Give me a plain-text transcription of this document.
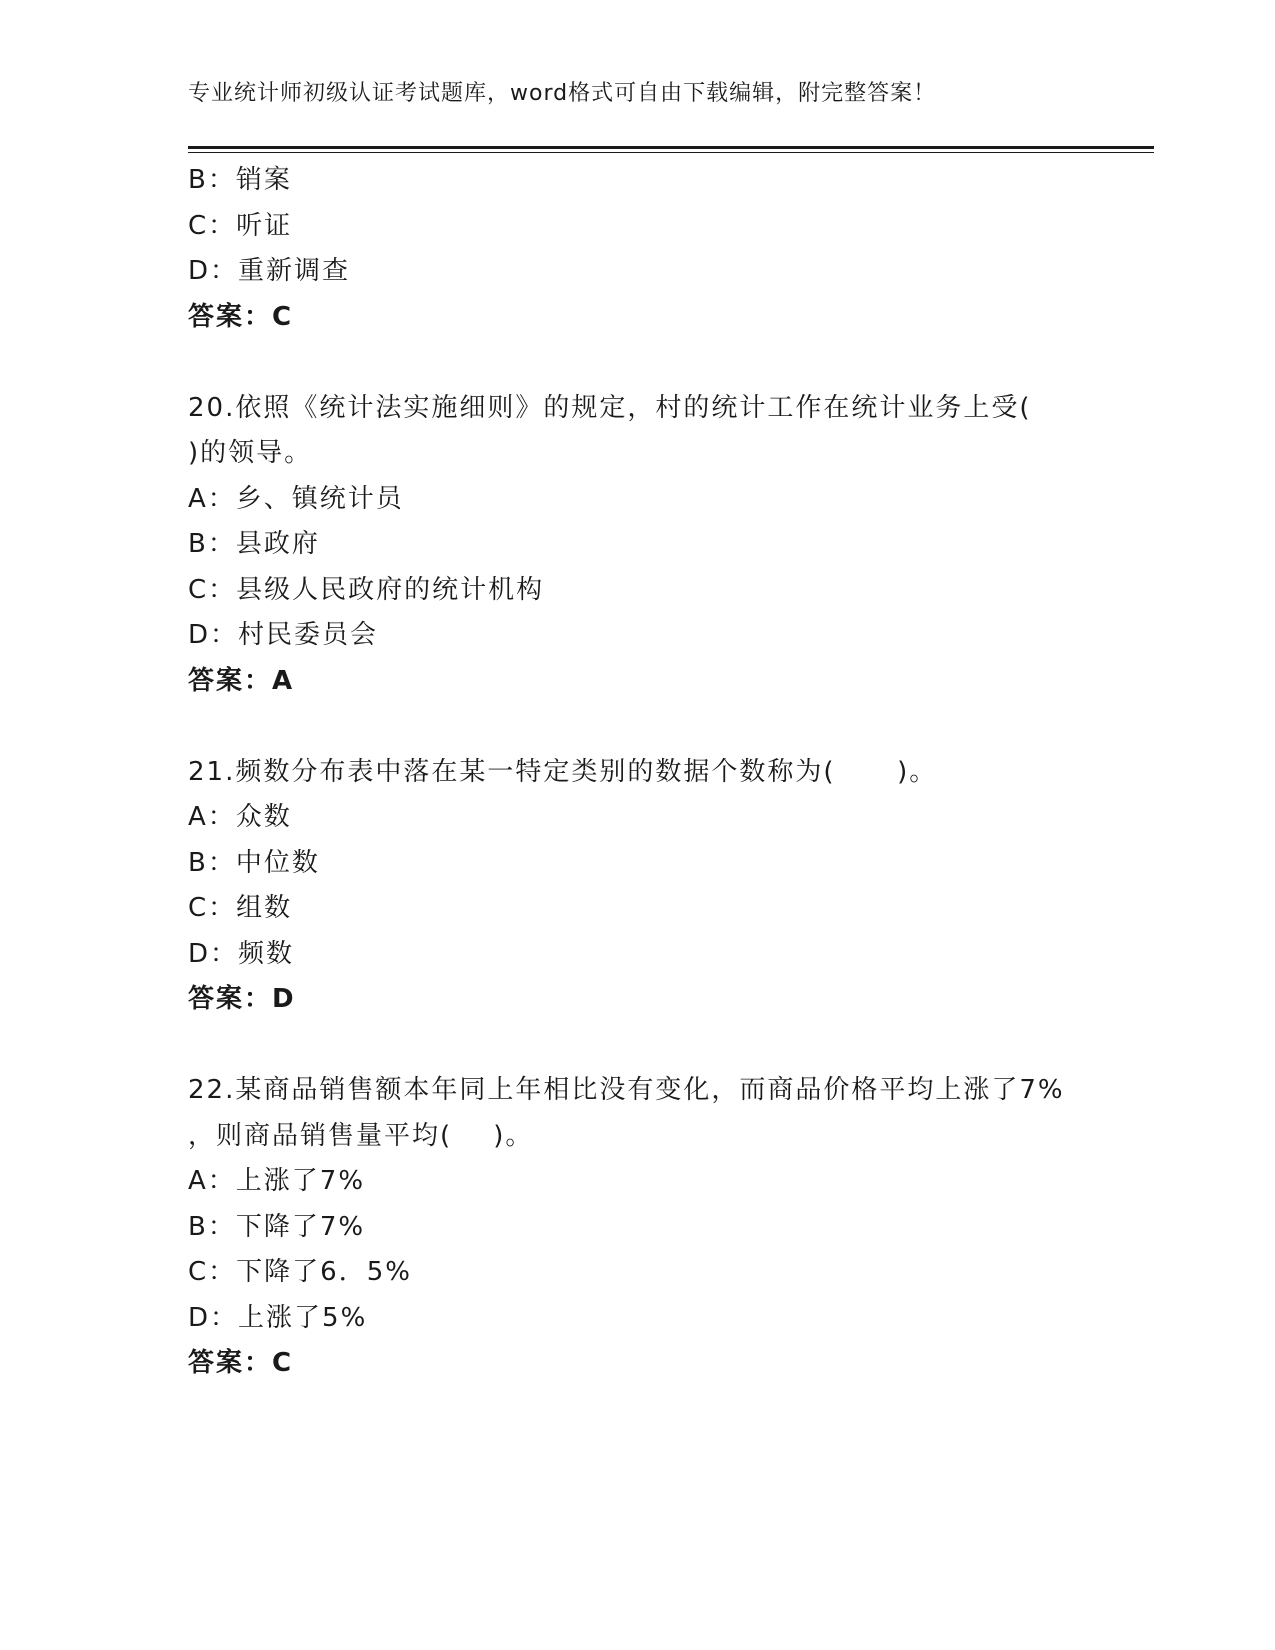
专业统计师初级认证考试题库，word格式可自由下载编辑，附完整答案！
B：销案
C：听证
D：重新调查
答案：C
20.依照《统计法实施细则》的规定，村的统计工作在统计业务上受(
)的领导。
A：乡、镇统计员
B：县政府
C：县级人民政府的统计机构
D：村民委员会
答案：A
21.频数分布表中落在某一特定类别的数据个数称为(      )。
A：众数
B：中位数
C：组数
D：频数
答案：D
22.某商品销售额本年同上年相比没有变化，而商品价格平均上涨了7%
，则商品销售量平均(    )。
A：上涨了7%
B：下降了7%
C：下降了6．5%
D：上涨了5%
答案：C
